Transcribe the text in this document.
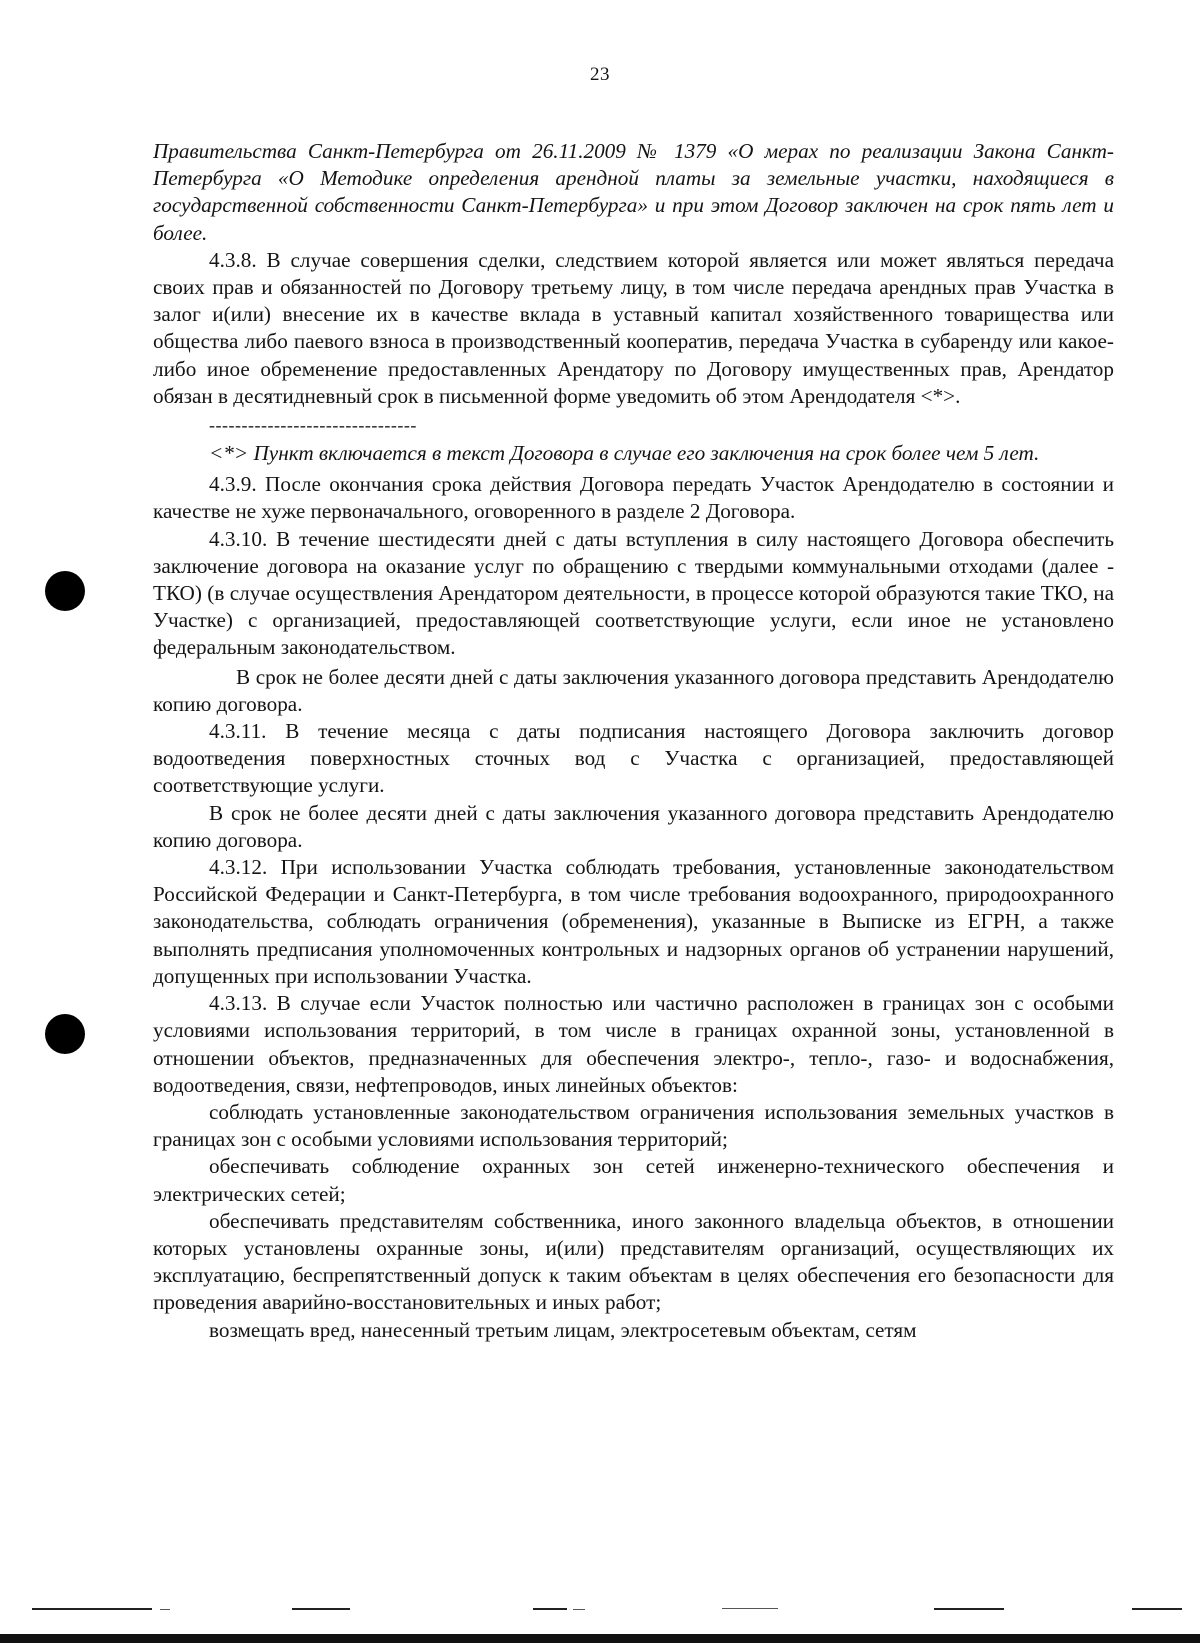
23

Правительства Санкт-Петербурга от 26.11.2009 № 1379 «О мерах по реализации Закона Санкт-Петербурга «О Методике определения арендной платы за земельные участки, находящиеся в государственной собственности Санкт-Петербурга» и при этом Договор заключен на срок пять лет и более.

4.3.8. В случае совершения сделки, следствием которой является или может являться передача своих прав и обязанностей по Договору третьему лицу, в том числе передача арендных прав Участка в залог и(или) внесение их в качестве вклада в уставный капитал хозяйственного товарищества или общества либо паевого взноса в производственный кооператив, передача Участка в субаренду или какое-либо иное обременение предоставленных Арендатору по Договору имущественных прав, Арендатор обязан в десятидневный срок в письменной форме уведомить об этом Арендодателя <*>.

--------------------------------

<*> Пункт включается в текст Договора в случае его заключения на срок более чем 5 лет.

4.3.9. После окончания срока действия Договора передать Участок Арендодателю в состоянии и качестве не хуже первоначального, оговоренного в разделе 2 Договора.

4.3.10. В течение шестидесяти дней с даты вступления в силу настоящего Договора обеспечить заключение договора на оказание услуг по обращению с твердыми коммунальными отходами (далее - ТКО) (в случае осуществления Арендатором деятельности, в процессе которой образуются такие ТКО, на Участке) с организацией, предоставляющей соответствующие услуги, если иное не установлено федеральным законодательством.

В срок не более десяти дней с даты заключения указанного договора представить Арендодателю копию договора.

4.3.11. В течение месяца с даты подписания настоящего Договора заключить договор водоотведения поверхностных сточных вод с Участка с организацией, предоставляющей соответствующие услуги.

В срок не более десяти дней с даты заключения указанного договора представить Арендодателю копию договора.

4.3.12. При использовании Участка соблюдать требования, установленные законодательством Российской Федерации и Санкт-Петербурга, в том числе требования водоохранного, природоохранного законодательства, соблюдать ограничения (обременения), указанные в Выписке из ЕГРН, а также выполнять предписания уполномоченных контрольных и надзорных органов об устранении нарушений, допущенных при использовании Участка.

4.3.13. В случае если Участок полностью или частично расположен в границах зон с особыми условиями использования территорий, в том числе в границах охранной зоны, установленной в отношении объектов, предназначенных для обеспечения электро-, тепло-, газо- и водоснабжения, водоотведения, связи, нефтепроводов, иных линейных объектов:

соблюдать установленные законодательством ограничения использования земельных участков в границах зон с особыми условиями использования территорий;

обеспечивать соблюдение охранных зон сетей инженерно-технического обеспечения и электрических сетей;

обеспечивать представителям собственника, иного законного владельца объектов, в отношении которых установлены охранные зоны, и(или) представителям организаций, осуществляющих их эксплуатацию, беспрепятственный допуск к таким объектам в целях обеспечения его безопасности для проведения аварийно-восстановительных и иных работ;

возмещать вред, нанесенный третьим лицам, электросетевым объектам, сетям
